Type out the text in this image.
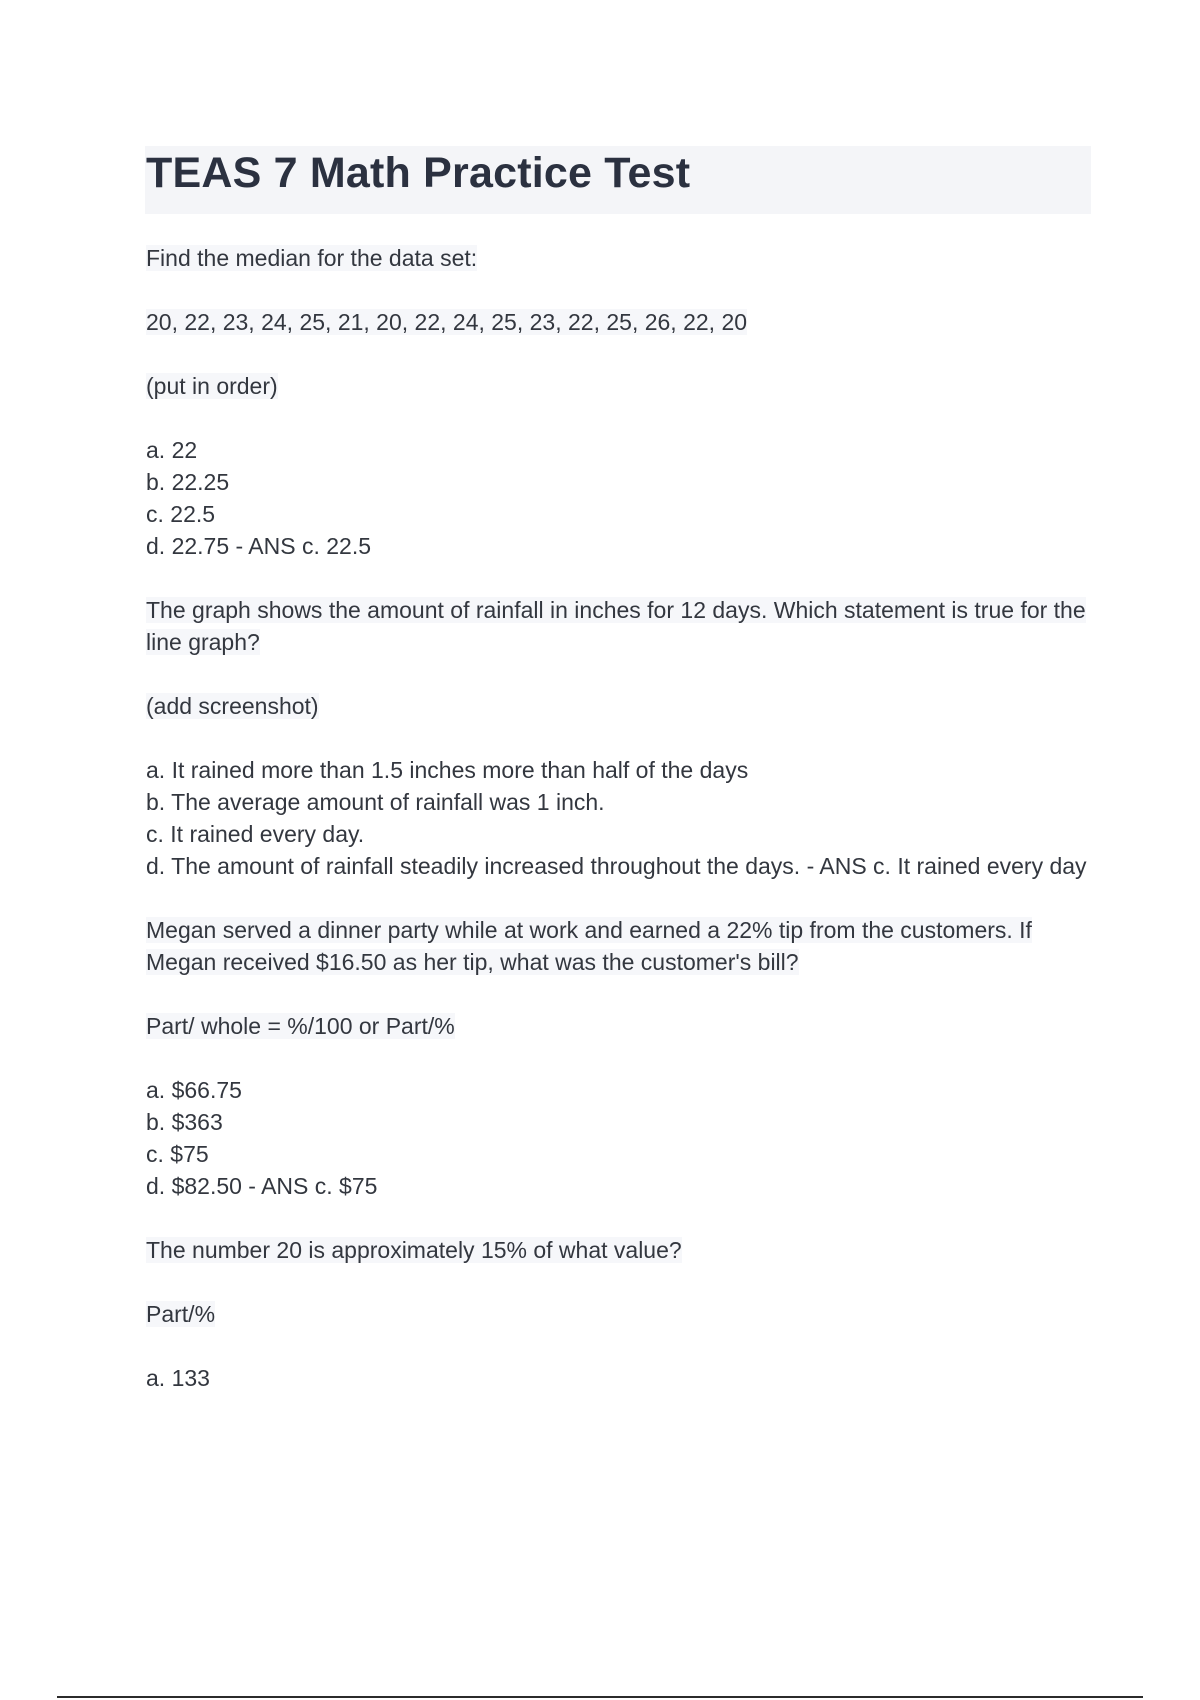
TEAS 7 Math Practice Test

Find the median for the data set:

20, 22, 23, 24, 25, 21, 20, 22, 24, 25, 23, 22, 25, 26, 22, 20

(put in order)

a. 22
b. 22.25
c. 22.5
d. 22.75 - ANS c. 22.5

The graph shows the amount of rainfall in inches for 12 days. Which statement is true for the line graph?

(add screenshot)

a. It rained more than 1.5 inches more than half of the days
b. The average amount of rainfall was 1 inch.
c. It rained every day.
d. The amount of rainfall steadily increased throughout the days. - ANS c. It rained every day

Megan served a dinner party while at work and earned a 22% tip from the customers. If Megan received $16.50 as her tip, what was the customer's bill?

Part/ whole = %/100 or Part/%

a. $66.75
b. $363
c. $75
d. $82.50 - ANS c. $75

The number 20 is approximately 15% of what value?

Part/%

a. 133
